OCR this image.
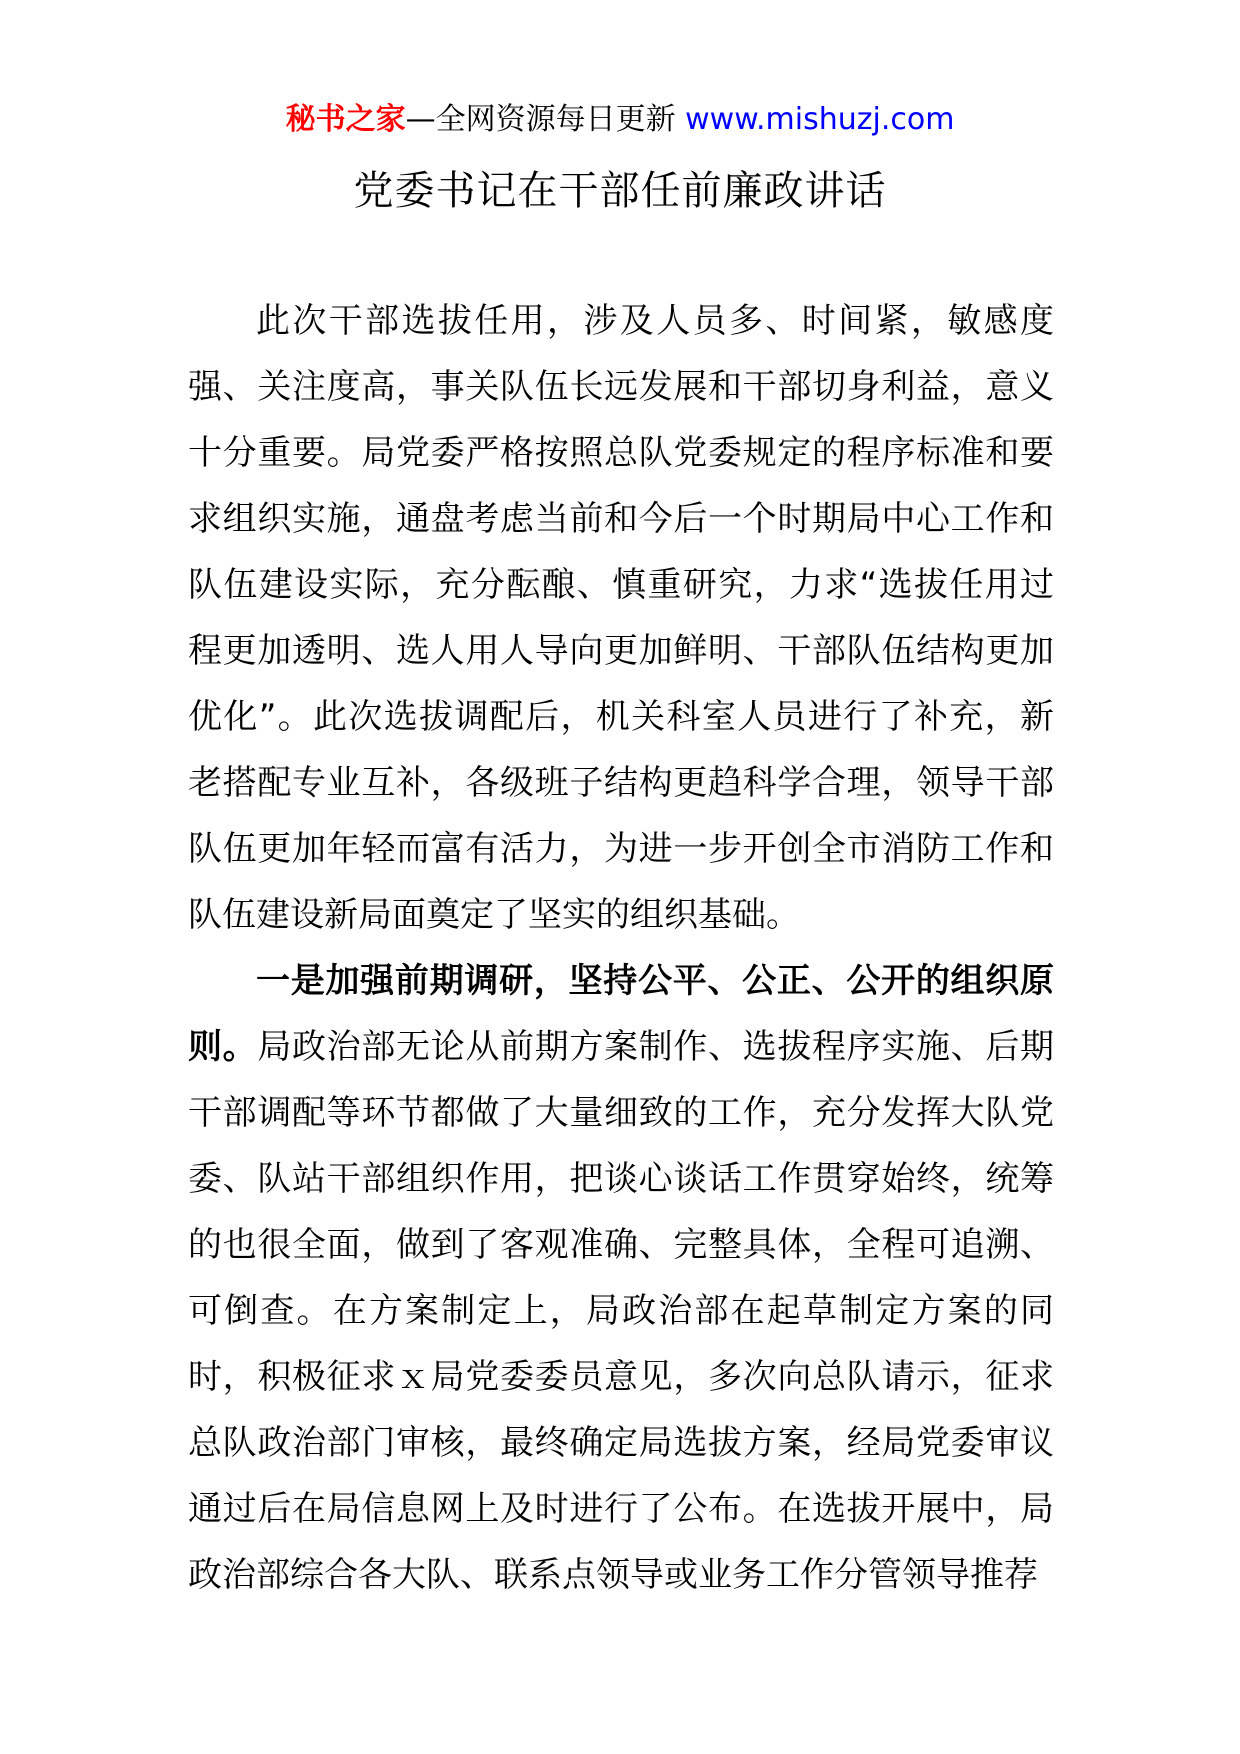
秘书之家—全网资源每日更新 www.mishuzj.com
党委书记在干部任前廉政讲话

此次干部选拔任用，涉及人员多、时间紧，敏感度强、关注度高，事关队伍长远发展和干部切身利益，意义十分重要。局党委严格按照总队党委规定的程序标准和要求组织实施，通盘考虑当前和今后一个时期局中心工作和队伍建设实际，充分酝酿、慎重研究，力求“选拔任用过程更加透明、选人用人导向更加鲜明、干部队伍结构更加优化”。此次选拔调配后，机关科室人员进行了补充，新老搭配专业互补，各级班子结构更趋科学合理，领导干部队伍更加年轻而富有活力，为进一步开创全市消防工作和队伍建设新局面奠定了坚实的组织基础。

一是加强前期调研，坚持公平、公正、公开的组织原则。局政治部无论从前期方案制作、选拔程序实施、后期干部调配等环节都做了大量细致的工作，充分发挥大队党委、队站干部组织作用，把谈心谈话工作贯穿始终，统筹的也很全面，做到了客观准确、完整具体，全程可追溯、可倒查。在方案制定上，局政治部在起草制定方案的同时，积极征求ｘ局党委委员意见，多次向总队请示，征求总队政治部门审核，最终确定局选拔方案，经局党委审议通过后在局信息网上及时进行了公布。在选拔开展中，局政治部综合各大队、联系点领导或业务工作分管领导推荐
